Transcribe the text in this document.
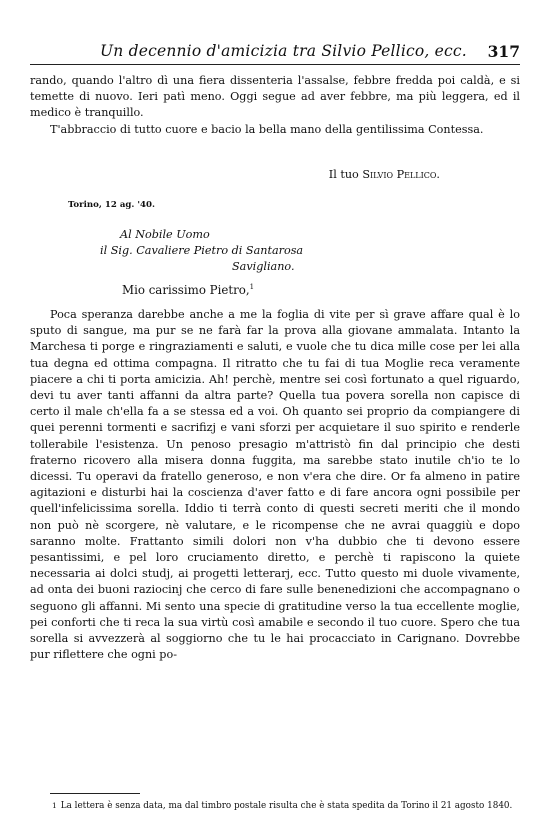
Un decennio d'amicizia tra Silvio Pellico, ecc. 317

rando, quando l'altro dì una fiera dissenteria l'assalse, febbre fredda poi caldà, e si temette di nuovo. Ieri patì meno. Oggi segue ad aver febbre, ma più leggera, ed il medico è tranquillo.

T'abbraccio di tutto cuore e bacio la bella mano della gentilissima Contessa.

Il tuo Silvio Pellico.
Torino, 12 ag. '40.
Al Nobile Uomo
il Sig. Cavaliere Pietro di Santarosa
Savigliano.
Mio carissimo Pietro,$^1$

Poca speranza darebbe anche a me la foglia di vite per sì grave affare qual è lo sputo di sangue, ma pur se ne farà far la prova alla giovane ammalata. Intanto la Marchesa ti porge e ringraziamenti e saluti, e vuole che tu dica mille cose per lei alla tua degna ed ottima compagna. Il ritratto che tu fai di tua Moglie reca veramente piacere a chi ti porta amicizia. Ah! perchè, mentre sei così fortunato a quel riguardo, devi tu aver tanti affanni da altra parte? Quella tua povera sorella non capisce di certo il male ch'ella fa a se stessa ed a voi. Oh quanto sei proprio da compiangere di quei perenni tormenti e sacrifizj e vani sforzi per acquietare il suo spirito e renderle tollerabile l'esistenza. Un penoso presagio m'attristò fin dal principio che desti fraterno ricovero alla misera donna fuggita, ma sarebbe stato inutile ch'io te lo dicessi. Tu operavi da fratello generoso, e non v'era che dire. Or fa almeno in patire agitazioni e disturbi hai la coscienza d'aver fatto e di fare ancora ogni possibile per quell'infelicissima sorella. Iddio ti terrà conto di questi secreti meriti che il mondo non può nè scorgere, nè valutare, e le ricompense che ne avrai quaggiù e dopo saranno molte. Frattanto simili dolori non v'ha dubbio che ti devono essere pesantissimi, e pel loro cruciamento diretto, e perchè ti rapiscono la quiete necessaria ai dolci studj, ai progetti letterarj, ecc. Tutto questo mi duole vivamente, ad onta dei buoni raziocinj che cerco di fare sulle benenedizioni che accompagnano o seguono gli affanni. Mi sento una specie di gratitudine verso la tua eccellente moglie, pei conforti che ti reca la sua virtù così amabile e secondo il tuo cuore. Spero che tua sorella si avvezzerà al soggiorno che tu le hai procacciato in Carignano. Dovrebbe pur riflettere che ogni po-

1 La lettera è senza data, ma dal timbro postale risulta che è stata spedita da Torino il 21 agosto 1840.
